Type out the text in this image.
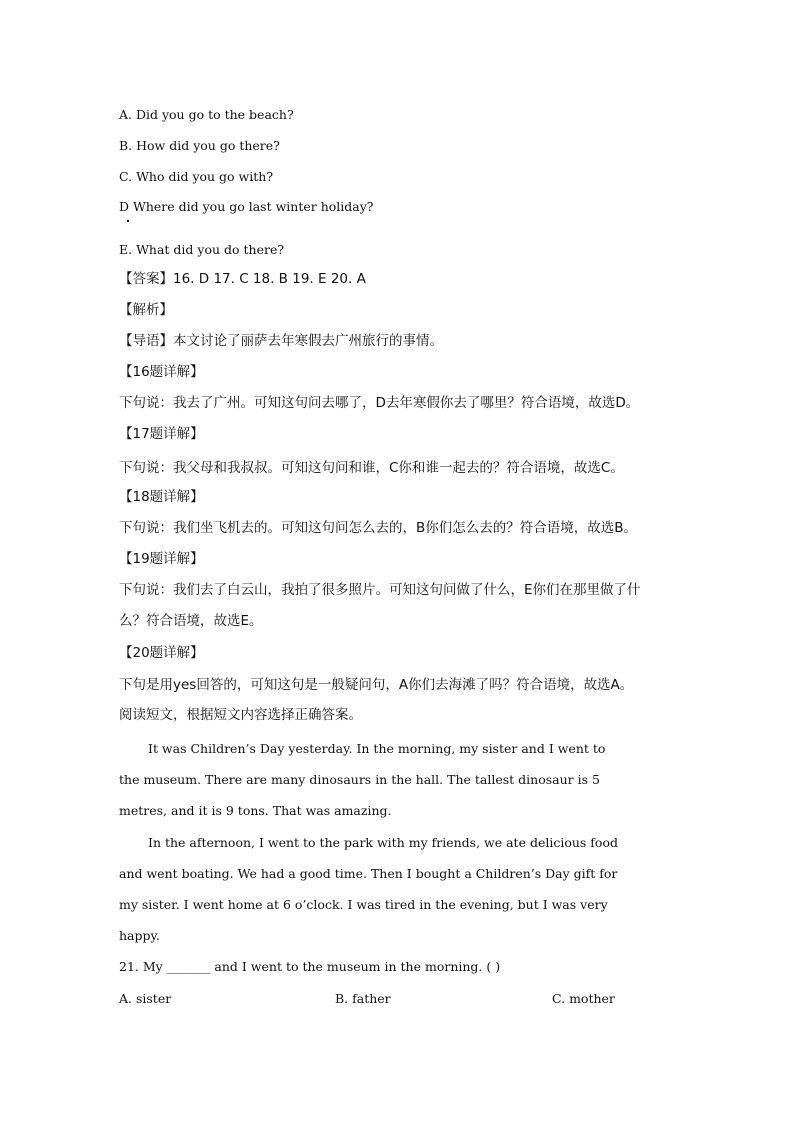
A. Did you go to the beach?
B. How did you go there?
C. Who did you go with?
D Where did you go last winter holiday?
E. What did you do there?
【答案】16. D 17. C 18. B 19. E 20. A
【解析】
【导语】本文讨论了丽萨去年寒假去广州旅行的事情。
【16题详解】
下句说：我去了广州。可知这句问去哪了，D去年寒假你去了哪里？符合语境，故选D。
【17题详解】
下句说：我父母和我叔叔。可知这句问和谁，C你和谁一起去的？符合语境，故选C。
【18题详解】
下句说：我们坐飞机去的。可知这句问怎么去的，B你们怎么去的？符合语境，故选B。
【19题详解】
下句说：我们去了白云山，我拍了很多照片。可知这句问做了什么，E你们在那里做了什
么？符合语境，故选E。
【20题详解】
下句是用yes回答的，可知这句是一般疑问句，A你们去海滩了吗？符合语境，故选A。
阅读短文，根据短文内容选择正确答案。
It was Children’s Day yesterday. In the morning, my sister and I went to
the museum. There are many dinosaurs in the hall. The tallest dinosaur is 5
metres, and it is 9 tons. That was amazing.
In the afternoon, I went to the park with my friends, we ate delicious food
and went boating. We had a good time. Then I bought a Children’s Day gift for
my sister. I went home at 6 o’clock. I was tired in the evening, but I was very
happy.
21. My _______ and I went to the museum in the morning. ( )
A. sister	B. father	C. mother
